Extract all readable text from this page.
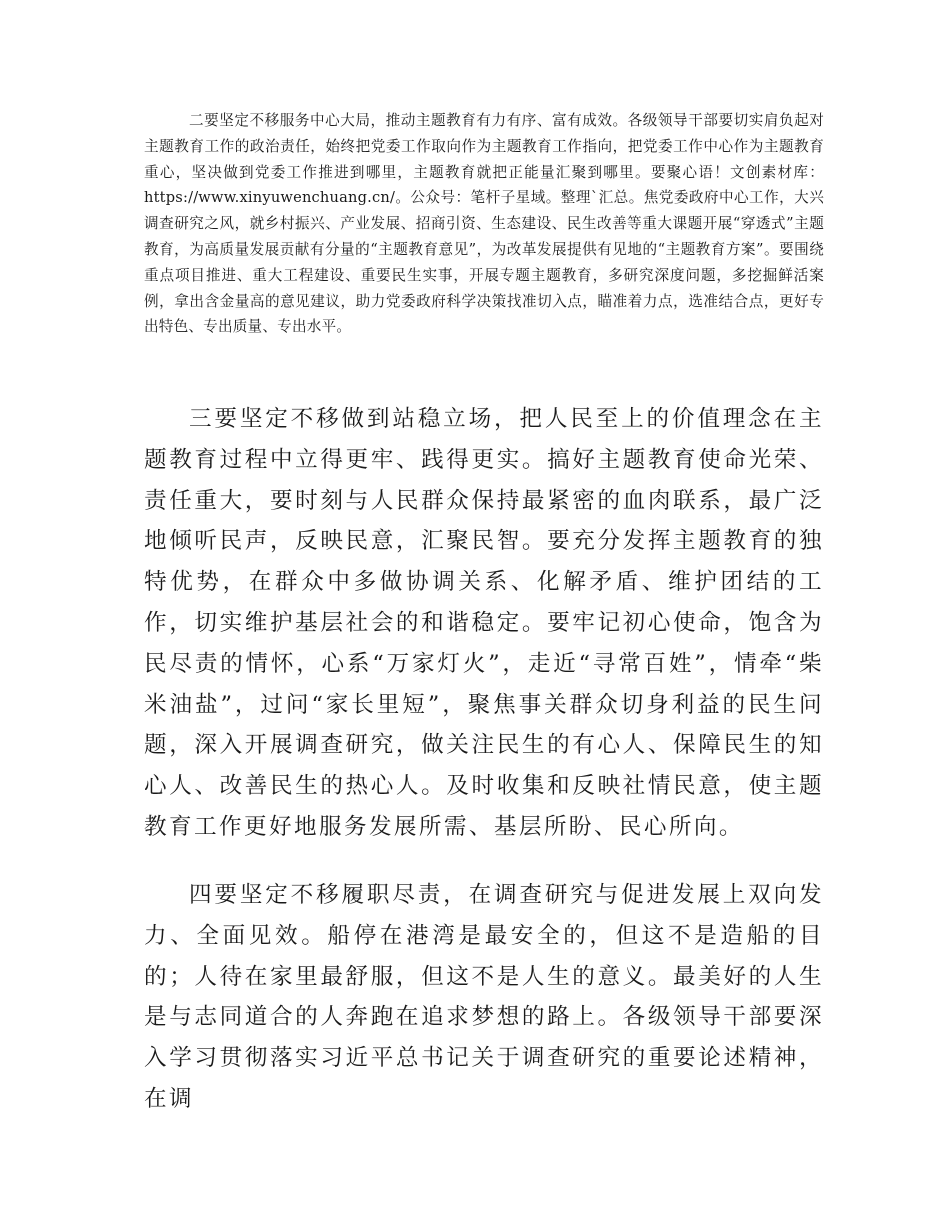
二要坚定不移服务中心大局，推动主题教育有力有序、富有成效。各级领导干部要切实肩负起对主题教育工作的政治责任，始终把党委工作取向作为主题教育工作指向，把党委工作中心作为主题教育重心，坚决做到党委工作推进到哪里，主题教育就把正能量汇聚到哪里。要聚心语！文创素材库：https://www.xinyuwenchuang.cn/。公众号：笔杆子星域。整理`汇总。焦党委政府中心工作，大兴调查研究之风，就乡村振兴、产业发展、招商引资、生态建设、民生改善等重大课题开展“穿透式”主题教育，为高质量发展贡献有分量的“主题教育意见”，为改革发展提供有见地的“主题教育方案”。要围绕重点项目推进、重大工程建设、重要民生实事，开展专题主题教育，多研究深度问题，多挖掘鲜活案例，拿出含金量高的意见建议，助力党委政府科学决策找准切入点，瞄准着力点，选准结合点，更好专出特色、专出质量、专出水平。

三要坚定不移做到站稳立场，把人民至上的价值理念在主题教育过程中立得更牢、践得更实。搞好主题教育使命光荣、责任重大，要时刻与人民群众保持最紧密的血肉联系，最广泛地倾听民声，反映民意，汇聚民智。要充分发挥主题教育的独特优势，在群众中多做协调关系、化解矛盾、维护团结的工作，切实维护基层社会的和谐稳定。要牢记初心使命，饱含为民尽责的情怀，心系“万家灯火”，走近“寻常百姓”，情牵“柴米油盐”，过问“家长里短”，聚焦事关群众切身利益的民生问题，深入开展调查研究，做关注民生的有心人、保障民生的知心人、改善民生的热心人。及时收集和反映社情民意，使主题教育工作更好地服务发展所需、基层所盼、民心所向。

四要坚定不移履职尽责，在调查研究与促进发展上双向发力、全面见效。船停在港湾是最安全的，但这不是造船的目的；人待在家里最舒服，但这不是人生的意义。最美好的人生是与志同道合的人奔跑在追求梦想的路上。各级领导干部要深入学习贯彻落实习近平总书记关于调查研究的重要论述精神，在调
